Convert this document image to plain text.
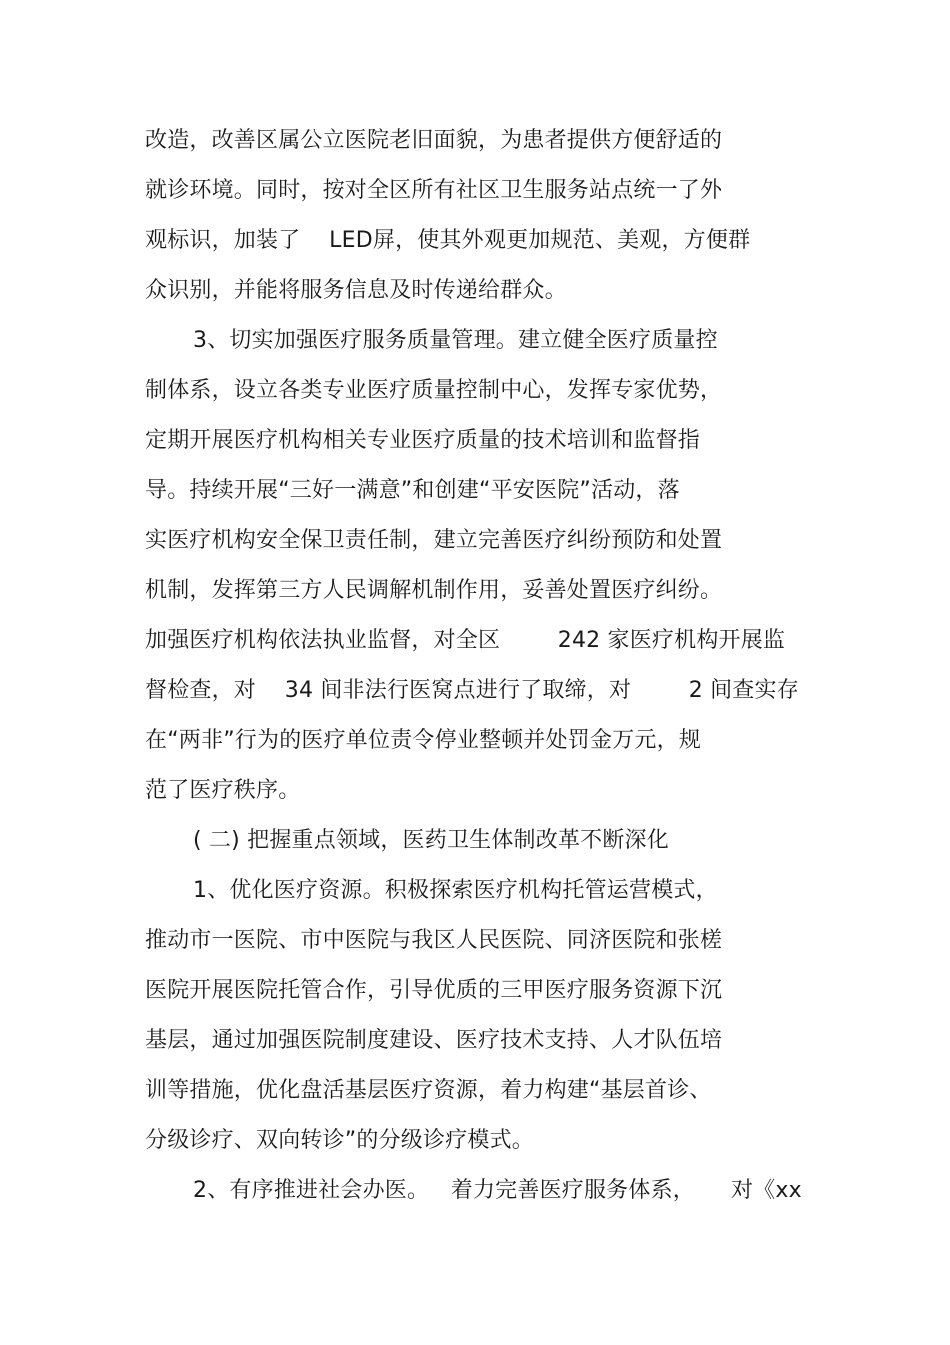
改造，改善区属公立医院老旧面貌，为患者提供方便舒适的
就诊环境。同时，按对全区所有社区卫生服务站点统一了外
观标识，加装了    LED屏，使其外观更加规范、美观，方便群
众识别，并能将服务信息及时传递给群众。
3、切实加强医疗服务质量管理。建立健全医疗质量控
制体系，设立各类专业医疗质量控制中心，发挥专家优势，
定期开展医疗机构相关专业医疗质量的技术培训和监督指
导。持续开展“三好一满意”和创建“平安医院”活动，落
实医疗机构安全保卫责任制，建立完善医疗纠纷预防和处置
机制，发挥第三方人民调解机制作用，妥善处置医疗纠纷。
加强医疗机构依法执业监督，对全区        242 家医疗机构开展监
督检查，对    34 间非法行医窝点进行了取缔，对        2 间查实存
在“两非”行为的医疗单位责令停业整顿并处罚金万元，规
范了医疗秩序。
( 二) 把握重点领域，医药卫生体制改革不断深化
1、优化医疗资源。积极探索医疗机构托管运营模式，
推动市一医院、市中医院与我区人民医院、同济医院和张槎
医院开展医院托管合作，引导优质的三甲医疗服务资源下沉
基层，通过加强医院制度建设、医疗技术支持、人才队伍培
训等措施，优化盘活基层医疗资源，着力构建“基层首诊、
分级诊疗、双向转诊”的分级诊疗模式。
2、有序推进社会办医。   着力完善医疗服务体系，     对《xx
